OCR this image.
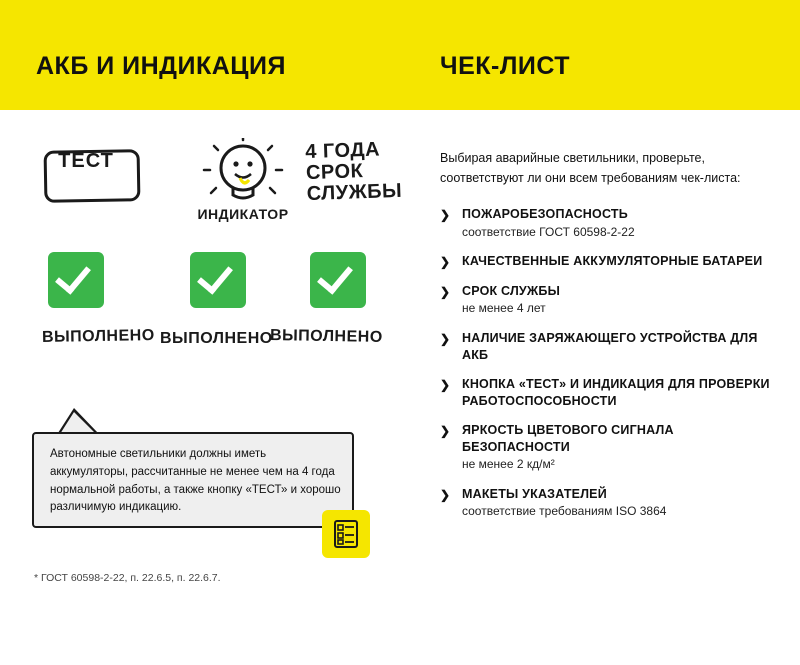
АКБ И ИНДИКАЦИЯ	ЧЕК-ЛИСТ
ТЕСТ
ИНДИКАТОР
4 ГОДА
СРОК
СЛУЖБЫ
ВЫПОЛНЕНО ВЫПОЛНЕНО
ВЫПОЛНЕНО
Автономные светильники должны иметь аккумуляторы, рассчитанные не менее чем на 4 года нормальной работы, а также кнопку «ТЕСТ» и хорошо различимую индикацию.
* ГОСТ 60598-2-22, п. 22.6.5, п. 22.6.7.
Выбирая аварийные светильники, проверьте, соответствуют ли они всем требованиям чек-листа:
❯ ПОЖАРОБЕЗОПАСНОСТЬ
соответствие ГОСТ 60598-2-22
❯ КАЧЕСТВЕННЫЕ АККУМУЛЯТОРНЫЕ БАТАРЕИ
❯ СРОК СЛУЖБЫ
не менее 4 лет
❯ НАЛИЧИЕ ЗАРЯЖАЮЩЕГО УСТРОЙСТВА ДЛЯ АКБ
❯ КНОПКА «ТЕСТ» И ИНДИКАЦИЯ ДЛЯ ПРОВЕРКИ РАБОТОСПОСОБНОСТИ
❯ ЯРКОСТЬ ЦВЕТОВОГО СИГНАЛА БЕЗОПАСНОСТИ
не менее 2 кд/м²
❯ МАКЕТЫ УКАЗАТЕЛЕЙ
соответствие требованиям ISO 3864
